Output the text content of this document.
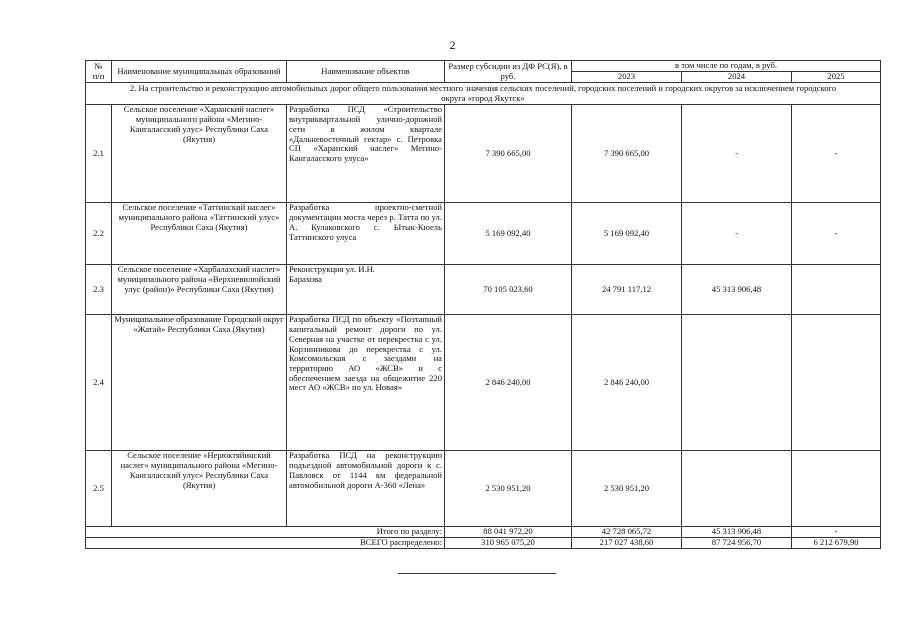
2
№
п/п	Наименование муниципальных образований	Наименование объектов	Размер субсидии из ДФ РС(Я), в руб.	в том числе по годам, в руб.		
				2023	2024	2025
2. На строительство и реконструкцию автомобильных дорог общего пользования местного значения сельских поселений, городских поселений и городских округов за исключением городского округа «город Якутск»						
2.1	Сельское поселение «Харанский наслег» муниципального района «Мегино-Кангаласский улус» Республики Саха (Якутия)	Разработка ПСД «Строительство внутриквартальной улично-дорожной сети в жилом квартале «Дальневосточный гектар» с. Петровка СП «Харанский наслег» Мегино-Кангаласского улуса»	7 390 665,00	7 390 665,00	-	-
2.2	Сельское поселение «Таттинский наслег» муниципального района «Таттинский улус» Республики Саха (Якутия)	Разработка проектно-сметной документации моста через р. Татта по ул. А. Кулаковского с. Ытык-Кюель Таттинского улуса	5 169 092,40	5 169 092,40	-	-
2.3	Сельское поселение «Харбалахский наслег» муниципального района «Верхневилюйский улус (район)» Республики Саха (Якутия)	Реконструкция ул. И.Н. Барахова	70 105 023,60	24 791 117,12	45 313 906,48	
2.4	Муниципальное образование Городской округ «Жатай» Республики Саха (Якутия)	Разработка ПСД по объекту «Поэтапный капитальный ремонт дороги по ул. Северная на участке от перекрестка с ул. Корзинникова до перекрестка с ул. Комсомольская с заездами на территорию АО «ЖСВ» и с обеспечением заезда на общежитие 220 мест АО «ЖСВ» по ул. Новая»	2 846 240,00	2 846 240,00		
2.5	Сельское поселение «Нерюктяйинский наслег» муниципального района «Мегино-Кангаласский улус» Республики Саха (Якутия)	Разработка ПСД на реконструкцию подъездной автомобильной дороги к с. Павловск от 1144 км федеральной автомобильной дороги А-360 «Лена»	2 530 951,20	2 530 951,20		
Итого по разделу:			88 041 972,20	42 728 065,72	45 313 906,48	-
ВСЕГО распределено:			310 965 075,20	217 027 438,60	87 724 956,70	6 212 679,90
